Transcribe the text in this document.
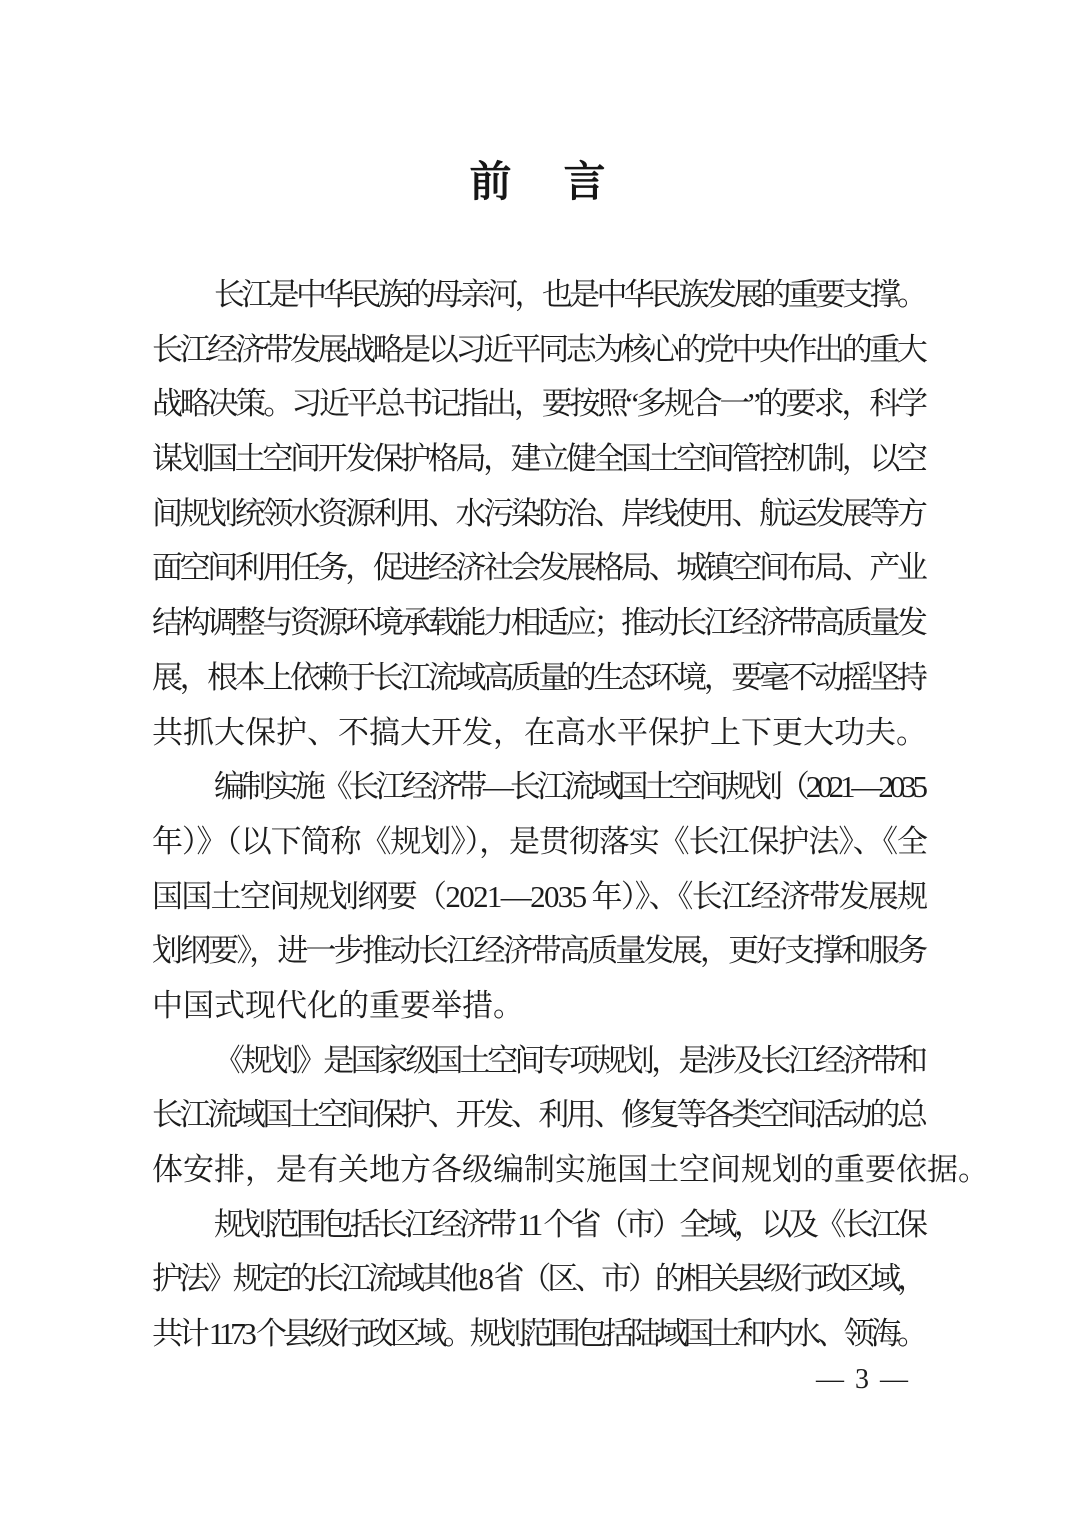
前　言
长江是中华民族的母亲河，也是中华民族发展的重要支撑。
长江经济带发展战略是以习近平同志为核心的党中央作出的重大
战略决策。习近平总书记指出，要按照“多规合一”的要求，科学
谋划国土空间开发保护格局，建立健全国土空间管控机制，以空
间规划统领水资源利用、水污染防治、岸线使用、航运发展等方
面空间利用任务，促进经济社会发展格局、城镇空间布局、产业
结构调整与资源环境承载能力相适应；推动长江经济带高质量发
展，根本上依赖于长江流域高质量的生态环境，要毫不动摇坚持
共抓大保护、不搞大开发，在高水平保护上下更大功夫。
编制实施《长江经济带—长江流域国土空间规划（2021—2035
年）》（以下简称《规划》），是贯彻落实《长江保护法》、《全
国国土空间规划纲要（2021—2035 年）》、《长江经济带发展规
划纲要》，进一步推动长江经济带高质量发展，更好支撑和服务
中国式现代化的重要举措。
《规划》是国家级国土空间专项规划，是涉及长江经济带和
长江流域国土空间保护、开发、利用、修复等各类空间活动的总
体安排，是有关地方各级编制实施国土空间规划的重要依据。
规划范围包括长江经济带 11 个省（市）全域，以及《长江保
护法》规定的长江流域其他 8 省（区、市）的相关县级行政区域，
共计 1173 个县级行政区域。规划范围包括陆域国土和内水、领海。
— 3 —
